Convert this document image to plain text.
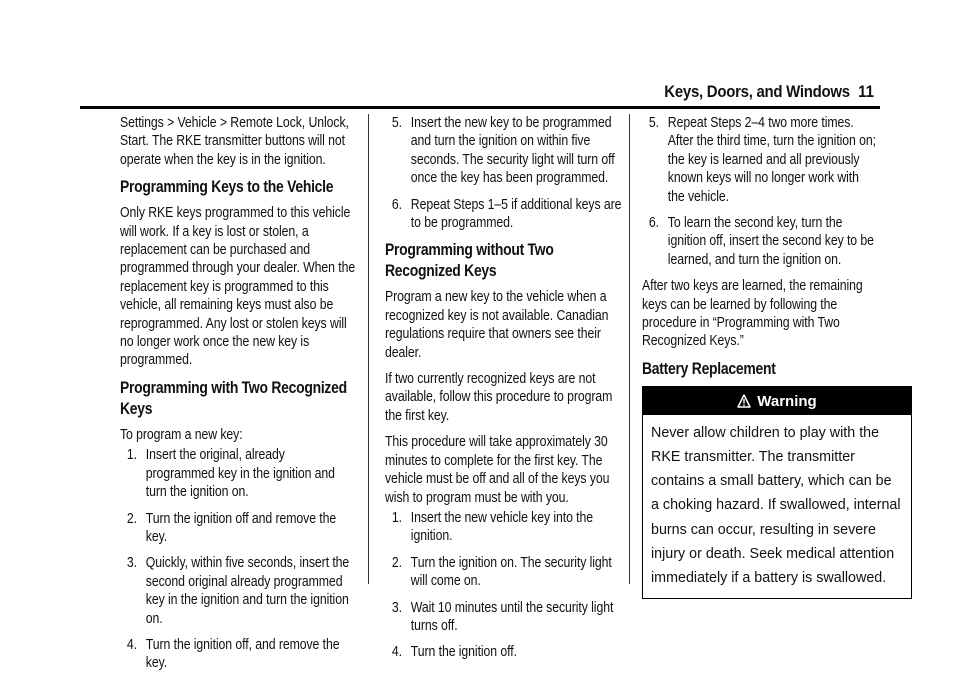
Keys, Doors, and Windows 11

Settings > Vehicle > Remote Lock, Unlock, Start. The RKE transmitter buttons will not operate when the key is in the ignition.

Programming Keys to the Vehicle

Only RKE keys programmed to this vehicle will work. If a key is lost or stolen, a replacement can be purchased and programmed through your dealer. When the replacement key is programmed to this vehicle, all remaining keys must also be reprogrammed. Any lost or stolen keys will no longer work once the new key is programmed.

Programming with Two Recognized Keys

To program a new key:

1. Insert the original, already programmed key in the ignition and turn the ignition on.
2. Turn the ignition off and remove the key.
3. Quickly, within five seconds, insert the second original already programmed key in the ignition and turn the ignition on.
4. Turn the ignition off, and remove the key.
5. Insert the new key to be programmed and turn the ignition on within five seconds. The security light will turn off once the key has been programmed.
6. Repeat Steps 1–5 if additional keys are to be programmed.
Programming without Two Recognized Keys

Program a new key to the vehicle when a recognized key is not available. Canadian regulations require that owners see their dealer.

If two currently recognized keys are not available, follow this procedure to program the first key.

This procedure will take approximately 30 minutes to complete for the first key. The vehicle must be off and all of the keys you wish to program must be with you.

1. Insert the new vehicle key into the ignition.
2. Turn the ignition on. The security light will come on.
3. Wait 10 minutes until the security light turns off.
4. Turn the ignition off.
5. Repeat Steps 2–4 two more times. After the third time, turn the ignition on; the key is learned and all previously known keys will no longer work with the vehicle.
6. To learn the second key, turn the ignition off, insert the second key to be learned, and turn the ignition on.

After two keys are learned, the remaining keys can be learned by following the procedure in “Programming with Two Recognized Keys.”

Battery Replacement
Warning
Never allow children to play with the RKE transmitter. The transmitter contains a small battery, which can be a choking hazard. If swallowed, internal burns can occur, resulting in severe injury or death. Seek medical attention immediately if a battery is swallowed.
